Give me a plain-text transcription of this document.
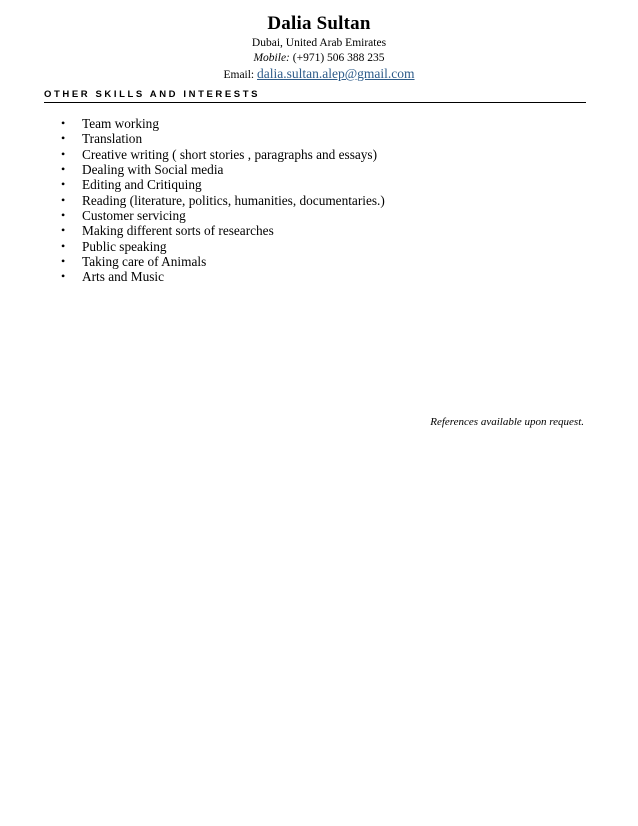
Dalia Sultan
Dubai, United Arab Emirates
Mobile: (+971) 506 388 235
Email: dalia.sultan.alep@gmail.com
OTHER SKILLS AND INTERESTS
• Team working
• Translation
• Creative writing ( short stories , paragraphs and essays)
• Dealing with Social media
• Editing and Critiquing
• Reading (literature, politics, humanities, documentaries.)
• Customer servicing
• Making different sorts of researches
• Public speaking
• Taking care of Animals
• Arts and Music
References available upon request.
